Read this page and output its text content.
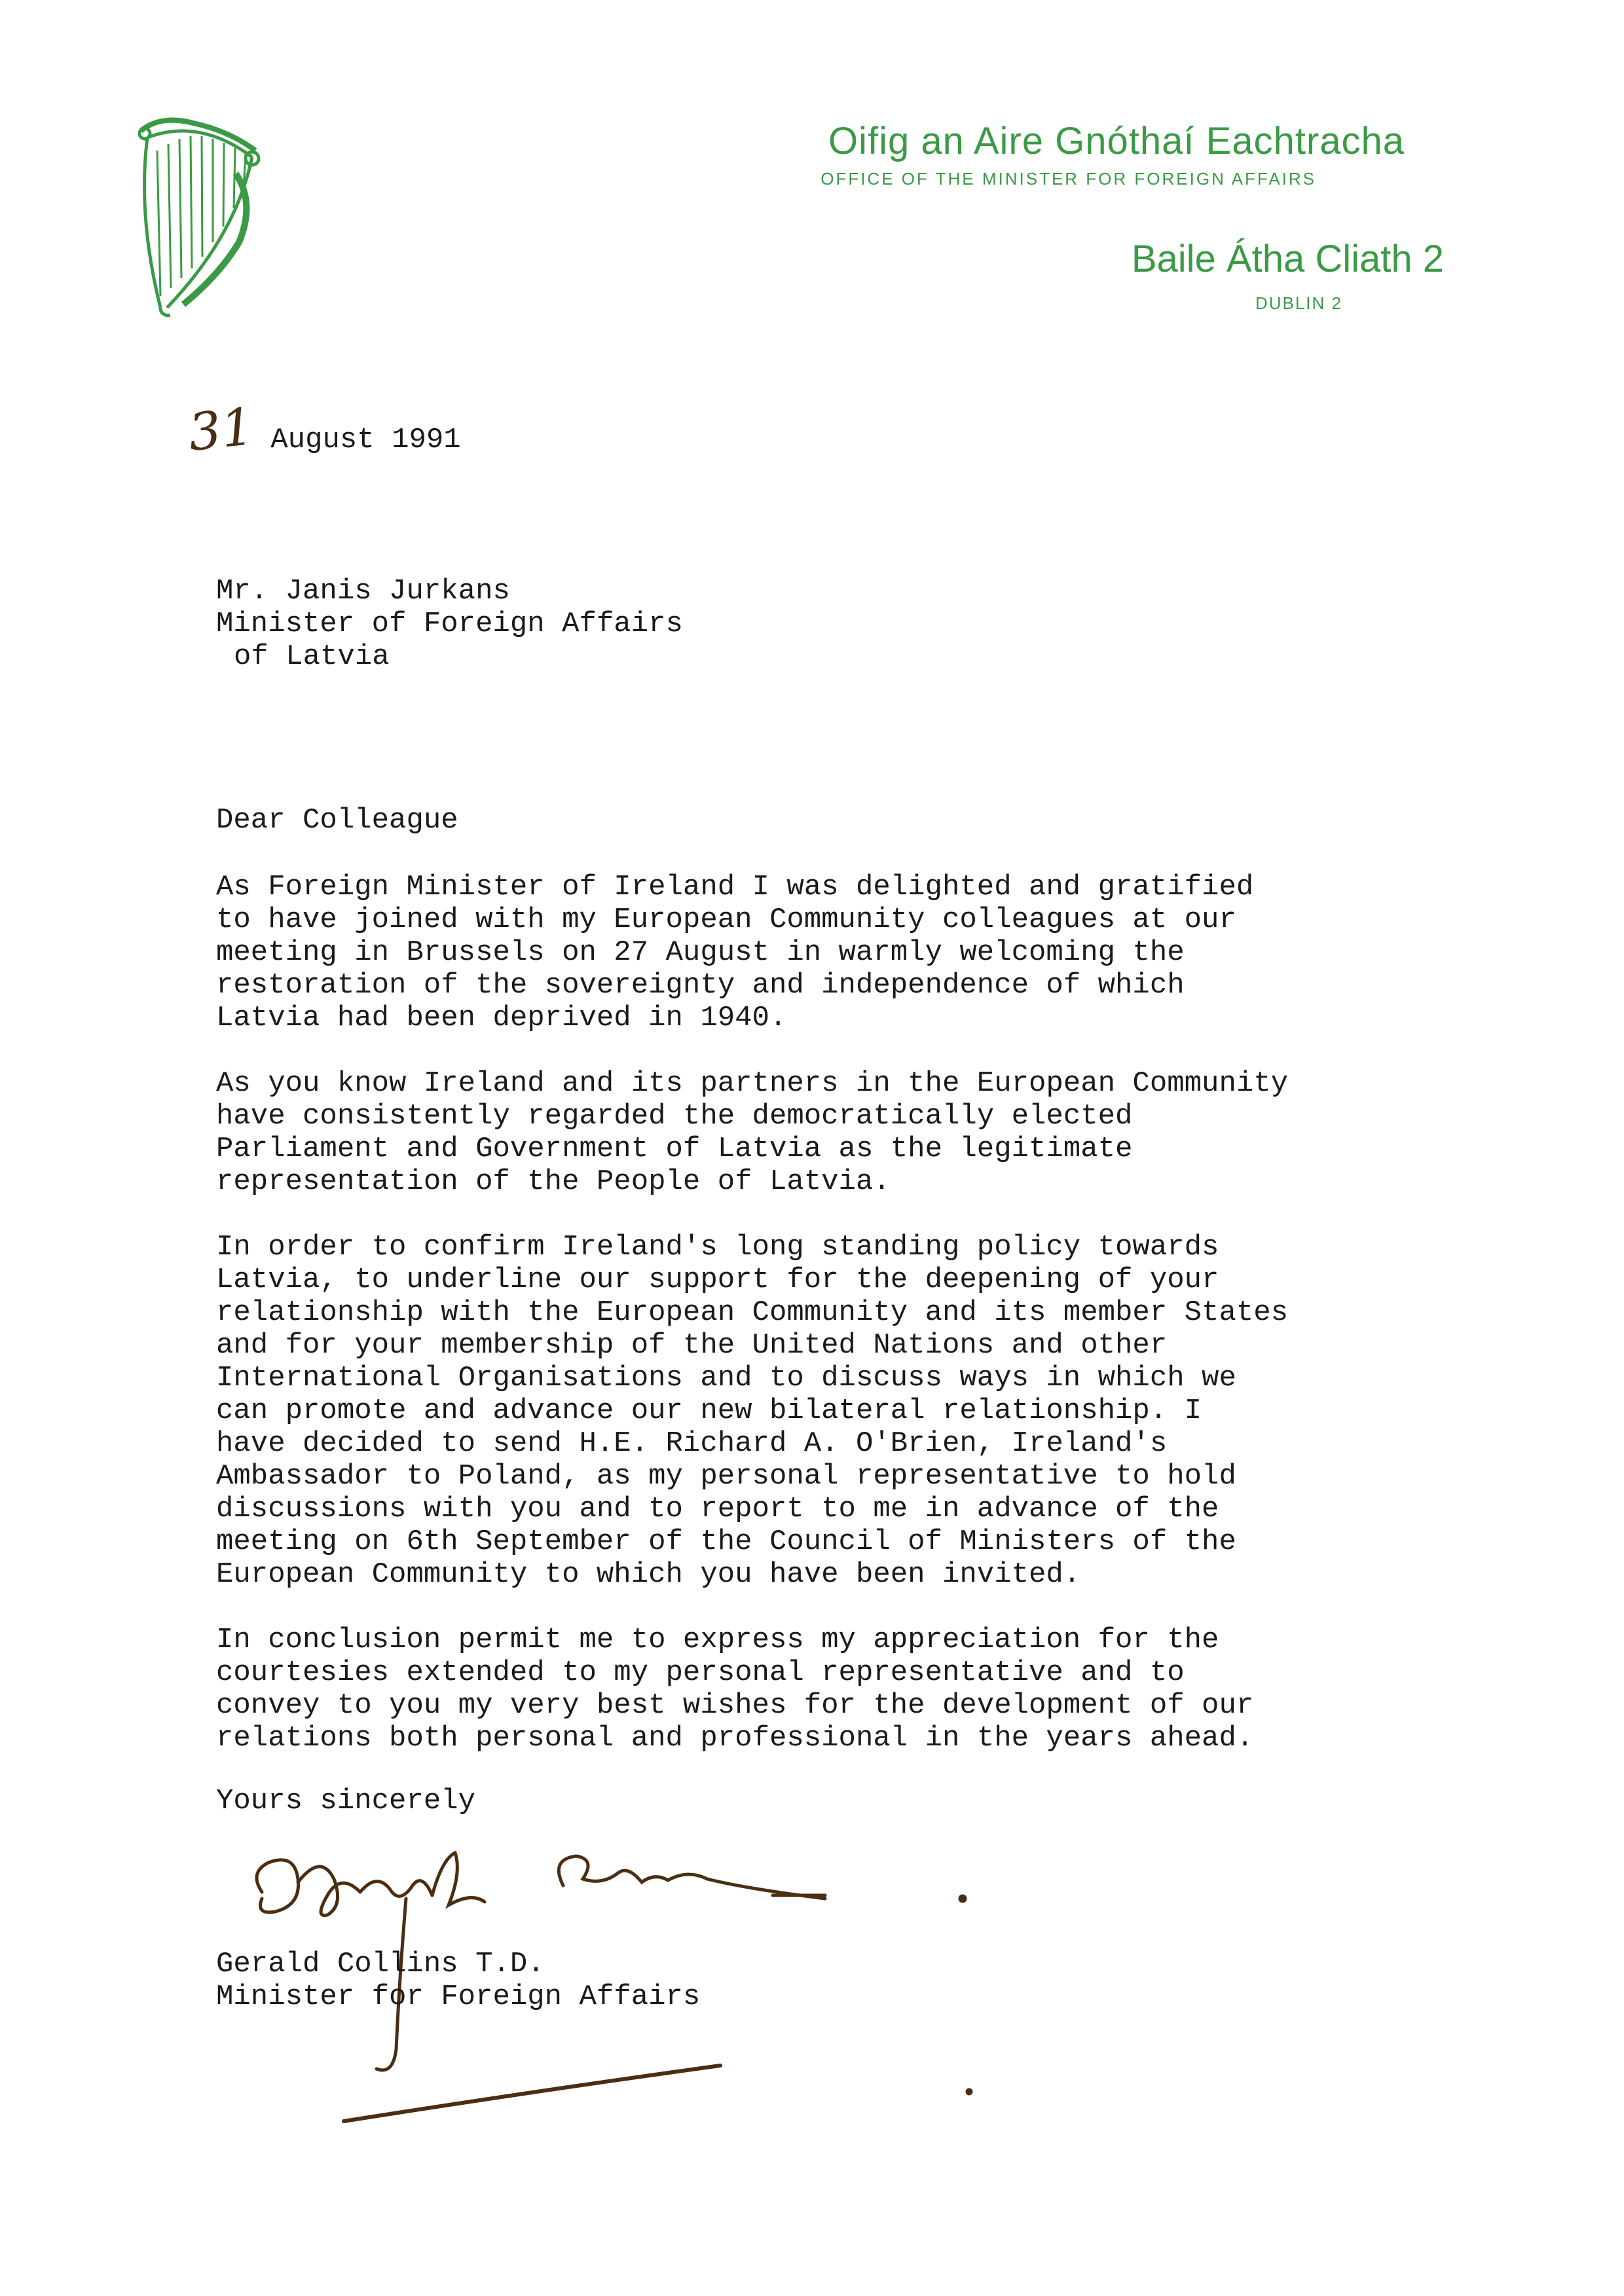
Oifig an Aire Gnóthaí Eachtracha
OFFICE OF THE MINISTER FOR FOREIGN AFFAIRS
Baile Átha Cliath 2
DUBLIN 2
31 August 1991
Mr. Janis Jurkans
Minister of Foreign Affairs
of Latvia
Dear Colleague
As Foreign Minister of Ireland I was delighted and gratified
to have joined with my European Community colleagues at our
meeting in Brussels on 27 August in warmly welcoming the
restoration of the sovereignty and independence of which
Latvia had been deprived in 1940.
As you know Ireland and its partners in the European Community
have consistently regarded the democratically elected
Parliament and Government of Latvia as the legitimate
representation of the People of Latvia.
In order to confirm Ireland's long standing policy towards
Latvia, to underline our support for the deepening of your
relationship with the European Community and its member States
and for your membership of the United Nations and other
International Organisations and to discuss ways in which we
can promote and advance our new bilateral relationship. I
have decided to send H.E. Richard A. O'Brien, Ireland's
Ambassador to Poland, as my personal representative to hold
discussions with you and to report to me in advance of the
meeting on 6th September of the Council of Ministers of the
European Community to which you have been invited.
In conclusion permit me to express my appreciation for the
courtesies extended to my personal representative and to
convey to you my very best wishes for the development of our
relations both personal and professional in the years ahead.
Yours sincerely
Gerald Collins T.D.
Minister for Foreign Affairs
